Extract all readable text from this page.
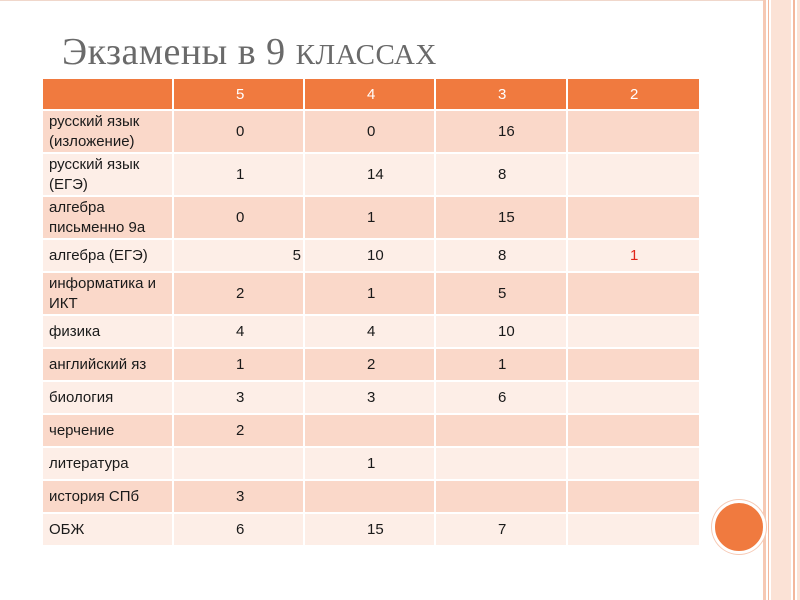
Экзамены в 9 КЛАССАХ
	5	4	3	2
русский язык (изложение)	0	0	16	
русский язык (ЕГЭ)	1	14	8	
алгебра письменно 9а	0	1	15	
алгебра (ЕГЭ)	5	10	8	1
информатика и ИКТ	2	1	5	
физика	4	4	10	
английский яз	1	2	1	
биология	3	3	6	
черчение	2			
литература		1		
история СПб	3			
ОБЖ	6	15	7	
